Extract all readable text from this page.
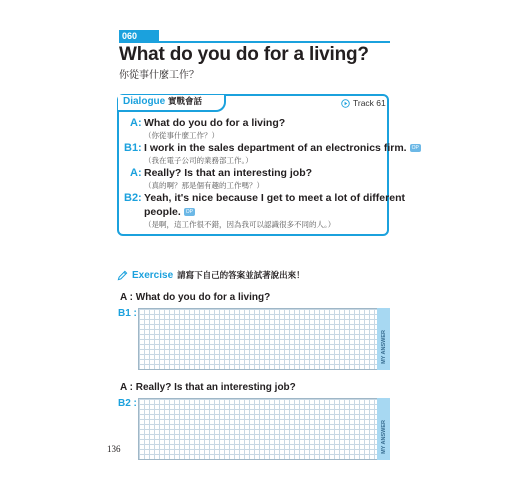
060
What do you do for a living?
你從事什麼工作？
Dialogue 實戰會話	Track 61
A: What do you do for a living?
（你從事什麼工作？）
B1: I work in the sales department of an electronics firm. OP
（我在電子公司的業務部工作。）
A: Really? Is that an interesting job?
（真的啊？那是個有趣的工作嗎？）
B2: Yeah, it's nice because I get to meet a lot of different
people. OP
（是啊，這工作很不錯，因為我可以認識很多不同的人。）
Exercise 請寫下自己的答案並試著說出來！
A : What do you do for a living?
B1 :
MY ANSWER
A : Really? Is that an interesting job?
B2 :
MY ANSWER
136
